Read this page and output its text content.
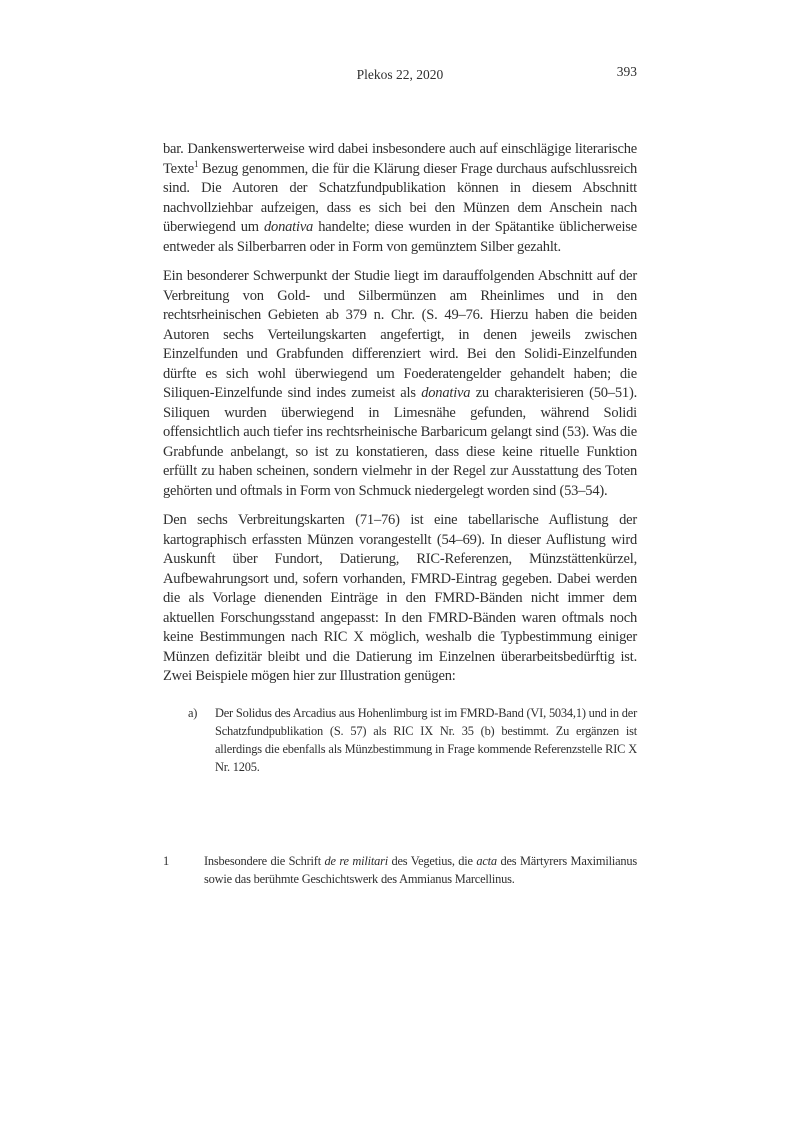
Plekos 22, 2020	393

bar. Dankenswerterweise wird dabei insbesondere auch auf einschlägige literarische Texte$^1$ Bezug genommen, die für die Klärung dieser Frage durchaus aufschlussreich sind. Die Autoren der Schatzfundpublikation können in diesem Abschnitt nachvollziehbar aufzeigen, dass es sich bei den Münzen dem Anschein nach überwiegend um donativa handelte; diese wurden in der Spätantike üblicherweise entweder als Silberbarren oder in Form von gemünztem Silber gezahlt.

Ein besonderer Schwerpunkt der Studie liegt im darauffolgenden Abschnitt auf der Verbreitung von Gold- und Silbermünzen am Rheinlimes und in den rechtsrheinischen Gebieten ab 379 n. Chr. (S. 49–76. Hierzu haben die beiden Autoren sechs Verteilungskarten angefertigt, in denen jeweils zwischen Einzelfunden und Grabfunden differenziert wird. Bei den Solidi-Einzelfunden dürfte es sich wohl überwiegend um Foederatengelder gehandelt haben; die Siliquen-Einzelfunde sind indes zumeist als donativa zu charakterisieren (50–51). Siliquen wurden überwiegend in Limesnähe gefunden, während Solidi offensichtlich auch tiefer ins rechtsrheinische Barbaricum gelangt sind (53). Was die Grabfunde anbelangt, so ist zu konstatieren, dass diese keine rituelle Funktion erfüllt zu haben scheinen, sondern vielmehr in der Regel zur Ausstattung des Toten gehörten und oftmals in Form von Schmuck niedergelegt worden sind (53–54).

Den sechs Verbreitungskarten (71–76) ist eine tabellarische Auflistung der kartographisch erfassten Münzen vorangestellt (54–69). In dieser Auflistung wird Auskunft über Fundort, Datierung, RIC-Referenzen, Münzstättenkürzel, Aufbewahrungsort und, sofern vorhanden, FMRD-Eintrag gegeben. Dabei werden die als Vorlage dienenden Einträge in den FMRD-Bänden nicht immer dem aktuellen Forschungsstand angepasst: In den FMRD-Bänden waren oftmals noch keine Bestimmungen nach RIC X möglich, weshalb die Typbestimmung einiger Münzen defizitär bleibt und die Datierung im Einzelnen überarbeitsbedürftig ist. Zwei Beispiele mögen hier zur Illustration genügen:

a)	Der Solidus des Arcadius aus Hohenlimburg ist im FMRD-Band (VI, 5034,1) und in der Schatzfundpublikation (S. 57) als RIC IX Nr. 35 (b) bestimmt. Zu ergänzen ist allerdings die ebenfalls als Münzbestimmung in Frage kommende Referenzstelle RIC X Nr. 1205.
1	Insbesondere die Schrift de re militari des Vegetius, die acta des Märtyrers Maximilianus sowie das berühmte Geschichtswerk des Ammianus Marcellinus.
